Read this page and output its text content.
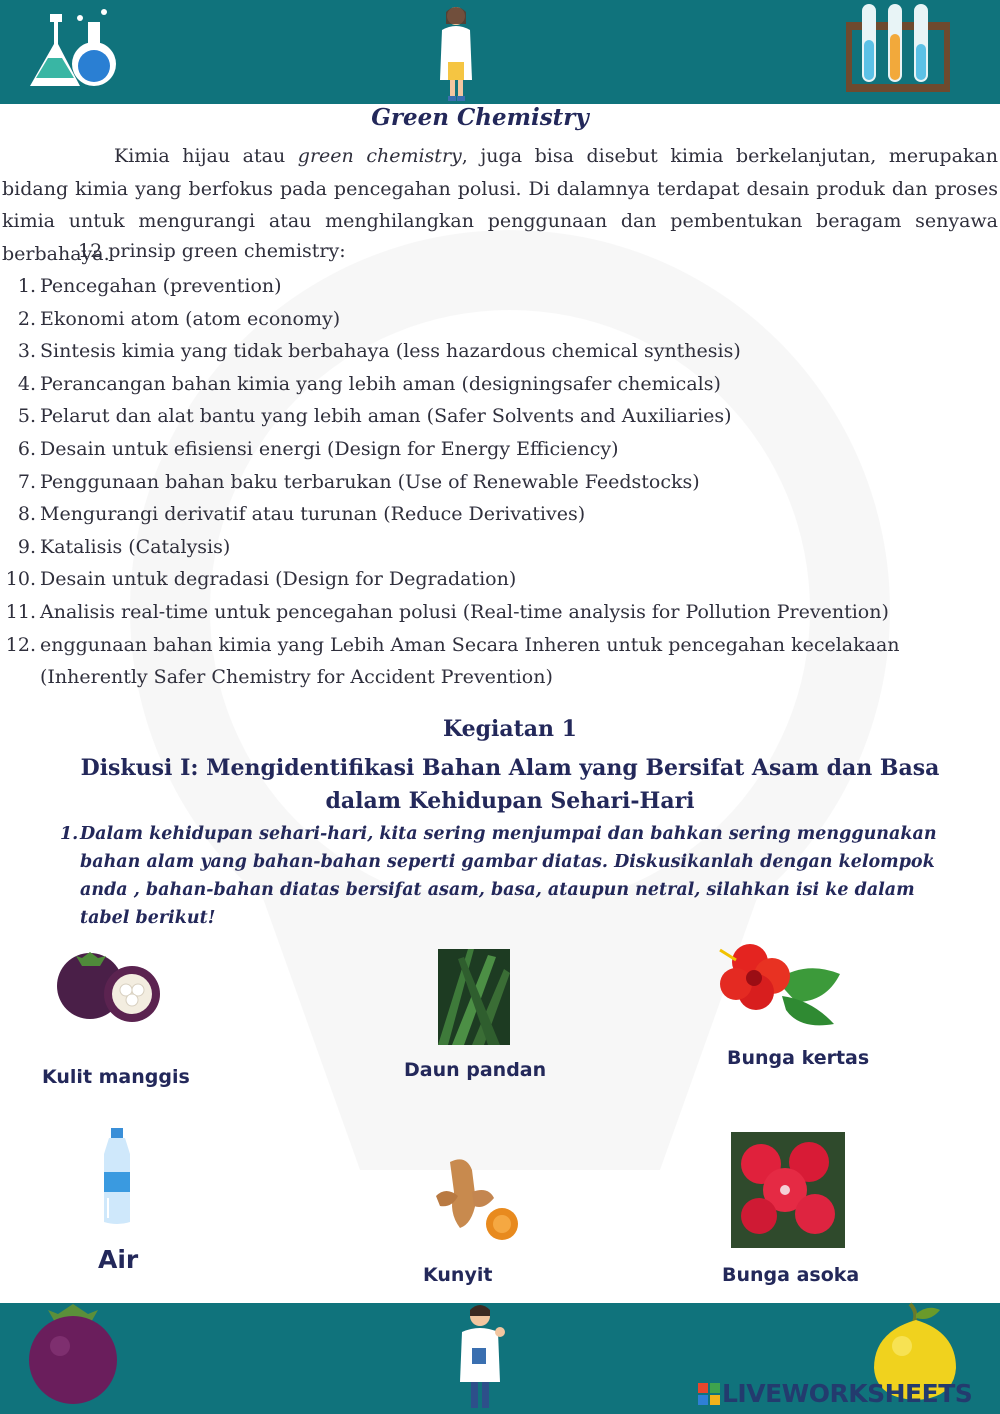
Green Chemistry
Kimia hijau atau green chemistry, juga bisa disebut kimia berkelanjutan, merupakan bidang kimia yang berfokus pada pencegahan polusi. Di dalamnya terdapat desain produk dan proses kimia untuk mengurangi atau menghilangkan penggunaan dan pembentukan beragam senyawa berbahaya.
12 prinsip green chemistry:
1. Pencegahan (prevention)
2. Ekonomi atom (atom economy)
3. Sintesis kimia yang tidak berbahaya (less hazardous chemical synthesis)
4. Perancangan bahan kimia yang lebih aman (designingsafer chemicals)
5. Pelarut dan alat bantu yang lebih aman (Safer Solvents and Auxiliaries)
6. Desain untuk efisiensi energi (Design for Energy Efficiency)
7. Penggunaan bahan baku terbarukan (Use of Renewable Feedstocks)
8. Mengurangi derivatif atau turunan (Reduce Derivatives)
9. Katalisis (Catalysis)
10. Desain untuk degradasi (Design for Degradation)
11. Analisis real-time untuk pencegahan polusi (Real-time analysis for Pollution Prevention)
12. enggunaan bahan kimia yang Lebih Aman Secara Inheren untuk pencegahan kecelakaan (Inherently Safer Chemistry for Accident Prevention)
Kegiatan 1
Diskusi I: Mengidentifikasi Bahan Alam yang Bersifat Asam dan Basa dalam Kehidupan Sehari-Hari
1. Dalam kehidupan sehari-hari, kita sering menjumpai dan bahkan sering menggunakan bahan alam yang bahan-bahan seperti gambar diatas. Diskusikanlah dengan kelompok anda , bahan-bahan diatas bersifat asam, basa, ataupun netral, silahkan isi ke dalam tabel berikut!
Kulit manggis	Daun pandan
Bunga kertas
Air
Kunyit	Bunga asoka
LIVEWORKSHEETS
